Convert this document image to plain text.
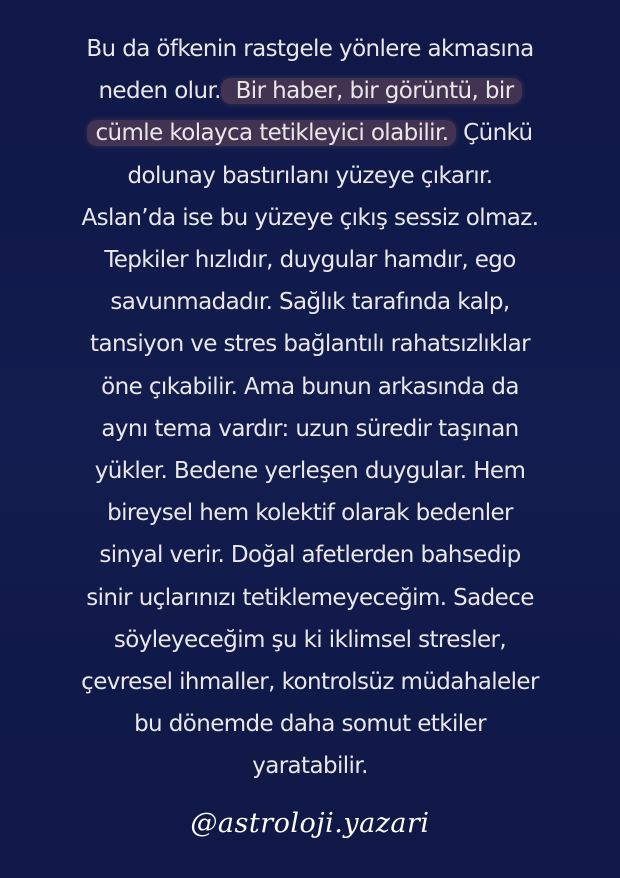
Bu da öfkenin rastgele yönlere akmasına
neden olur. Bir haber, bir görüntü, bir
cümle kolayca tetikleyici olabilir. Çünkü
dolunay bastırılanı yüzeye çıkarır.
Aslan’da ise bu yüzeye çıkış sessiz olmaz.
Tepkiler hızlıdır, duygular hamdır, ego
savunmadadır. Sağlık tarafında kalp,
tansiyon ve stres bağlantılı rahatsızlıklar
öne çıkabilir. Ama bunun arkasında da
aynı tema vardır: uzun süredir taşınan
yükler. Bedene yerleşen duygular. Hem
bireysel hem kolektif olarak bedenler
sinyal verir. Doğal afetlerden bahsedip
sinir uçlarınızı tetiklemeyeceğim. Sadece
söyleyeceğim şu ki iklimsel stresler,
çevresel ihmaller, kontrolsüz müdahaleler
bu dönemde daha somut etkiler
yaratabilir.
@astroloji.yazari
